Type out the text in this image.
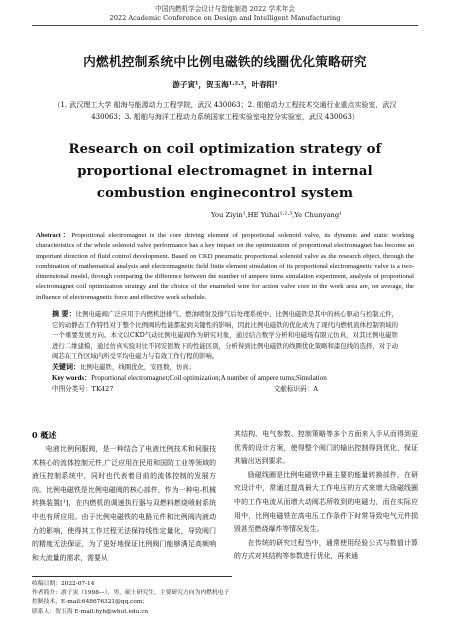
中国内燃机学会设计与智能制造 2022 学术年会
2022 Academic Conference on Design and Intelligent Manufacturing
内燃机控制系统中比例电磁铁的线圈优化策略研究
游子寅¹，贺玉海¹·²·³，叶春阳¹
（1. 武汉理工大学 船海与能源动力工程学院，武汉 430063；2. 船舶动力工程技术交通行业重点实验室，武汉 430063；3. 船舶与海洋工程动力系统国家工程实验室电控分实验室，武汉 430063）
Research on coil optimization strategy of proportional electromagnet in internal combustion enginecontrol system
You Ziyin¹,HE Yuhai¹·²·³,Ye Chunyang¹
Abstract：Proportional electromagnet is the core driving element of proportional solenoid valve, its dynamic and static working characteristics of the whole solenoid valve performance has a key impact on the optimization of proportional electromagnet has become an important direction of fluid control development. Based on CKD pneumatic proportional solenoid valve as the research object, through the combination of mathematical analysis and electromagnetic field finite element simulation of its proportional electromagnetic valve is a two-dimensional model, through comparing the difference between the number of ampere turns simulation experiment, analysis of proportional electromagnet coil optimization strategy and the choice of the enameled wire for action valve core in the work area are, on average, the influence of electromagnetic force and effective work schedule.
摘 要：比例电磁阀广泛应用于内燃机进排气、燃油喷射及排气后处理系统中，比例电磁铁是其中的核心驱动与控制元件，它的动静态工作特性对于整个比例阀的性能都起到关键性的影响，因此比例电磁铁的优化成为了现代内燃机流体控制领域的一个重要发展方向。本文以CKD气动比例电磁阀作为研究对象，通过结合数学分析和电磁场有限元仿真，对其比例电磁铁进行二维建模，通过仿真实验对比不同安匝数下的性能区别，分析得到比例电磁铁的线圈优化策略和漆包线的选择，对于动阀芯在工作区域内所受平均电磁力与有效工作行程的影响。
关键词：比例电磁铁，线圈优化，安匝数，仿真；
Key words：Proportional electromagnet;Coil optimization;A number of ampere turns;Simulation
中图分类号：TK427	文献标识码：A
0 概述

电液比例伺服阀，是一种结合了电液比例技术和伺服技术核心的流体控制元件,广泛应用在民用和国防工业等领域的液压控制系统中，同时也代表着目前的流体控制的发展方向。比例电磁铁是比例电磁阀的核心部件，作为一种电-机械转换装置[¹]，在内燃机的调速执行器与双燃料燃烧喷射系统中也有所应用。由于比例电磁铁的电路元件和比例阀内液动力的影响，使得其工作过程无法保持线性定量化，导致阀门的精度无法保证，为了更好地保证比例阀门能够满足高频响和大流量的需求，需要从

其结构、电气参数、控制策略等多个方面来入手从而得到更优秀的设计方案，使得整个阀门的输出控制得到优化，保证其输出达到要求。

励磁线圈是比例电磁铁中最主要的能量转换部件，在研究设计中，常通过提高最大工作电压的方式来增大励磁线圈中的工作电流从而增大动阀芯所收到的电磁力，而在实际应用中，比例电磁铁在高电压工作条件下时常导致电气元件损毁甚至燃烧爆炸等情况发生。

在传统的研究过程当中，通常使用经验公式与数值计算的方式对其结构等参数进行优化，再来通

收稿日期：2022-07-14
作者简介：游子寅（1998—），男，硕士研究生，主要研究方向为内燃机电子控制技术，E-mail:648676321@qq.com；
联系人：贺玉海 E-mail:hyh@whut.edu.cn
